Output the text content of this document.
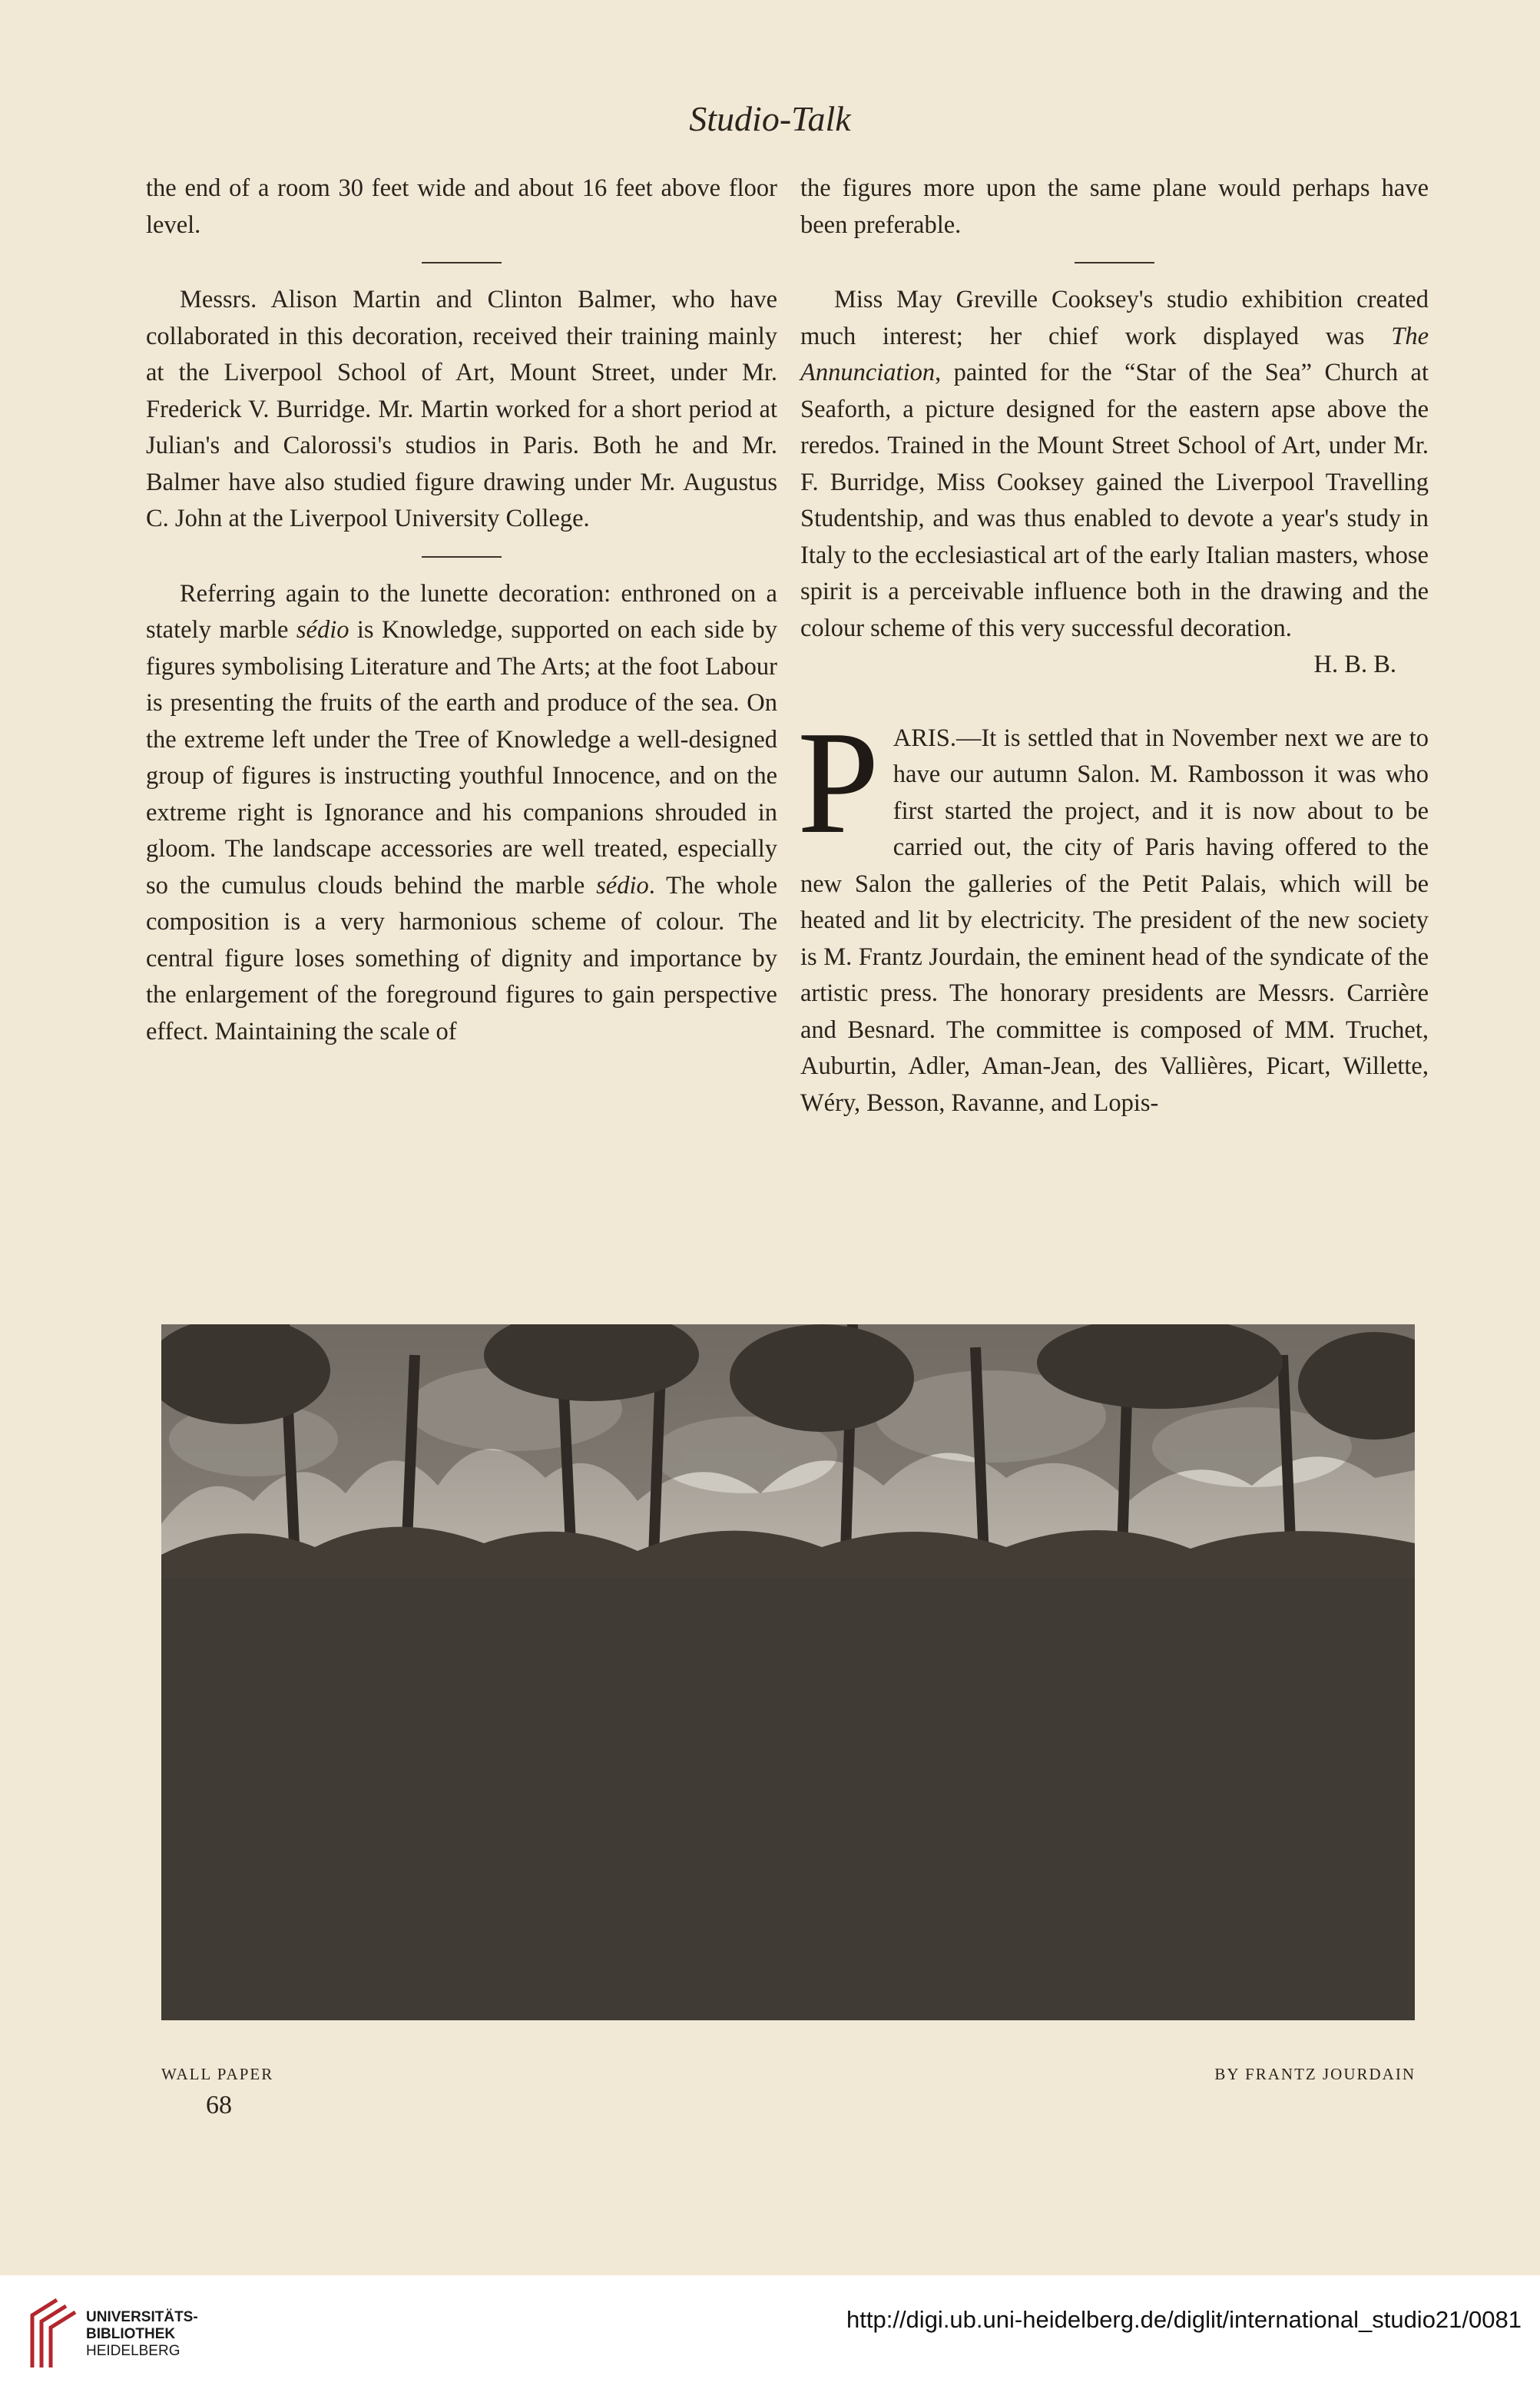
Studio-Talk

the end of a room 30 feet wide and about 16 feet above floor level.

Messrs. Alison Martin and Clinton Balmer, who have collaborated in this decoration, received their training mainly at the Liverpool School of Art, Mount Street, under Mr. Frederick V. Burridge. Mr. Martin worked for a short period at Julian's and Calorossi's studios in Paris. Both he and Mr. Balmer have also studied figure drawing under Mr. Augustus C. John at the Liverpool University College.

Referring again to the lunette decoration: enthroned on a stately marble sédio is Knowledge, supported on each side by figures symbolising Literature and The Arts; at the foot Labour is presenting the fruits of the earth and produce of the sea. On the extreme left under the Tree of Knowledge a well-designed group of figures is instructing youthful Innocence, and on the extreme right is Ignorance and his companions shrouded in gloom. The landscape accessories are well treated, especially so the cumulus clouds behind the marble sédio. The whole composition is a very harmonious scheme of colour. The central figure loses something of dignity and importance by the enlargement of the foreground figures to gain perspective effect. Maintaining the scale of

the figures more upon the same plane would perhaps have been preferable.

Miss May Greville Cooksey's studio exhibition created much interest; her chief work displayed was The Annunciation, painted for the “Star of the Sea” Church at Seaforth, a picture designed for the eastern apse above the reredos. Trained in the Mount Street School of Art, under Mr. F. Burridge, Miss Cooksey gained the Liverpool Travelling Studentship, and was thus enabled to devote a year's study in Italy to the ecclesiastical art of the early Italian masters, whose spirit is a perceivable influence both in the drawing and the colour scheme of this very successful decoration.

H. B. B.

PARIS.—It is settled that in November next we are to have our autumn Salon. M. Rambosson it was who first started the project, and it is now about to be carried out, the city of Paris having offered to the new Salon the galleries of the Petit Palais, which will be heated and lit by electricity. The president of the new society is M. Frantz Jourdain, the eminent head of the syndicate of the artistic press. The honorary presidents are Messrs. Carrière and Besnard. The committee is composed of MM. Truchet, Auburtin, Adler, Aman-Jean, des Vallières, Picart, Willette, Wéry, Besson, Ravanne, and Lopis-

WALL PAPER	BY FRANTZ JOURDAIN
68
UNIVERSITÄTS-
BIBLIOTHEK
HEIDELBERG
http://digi.ub.uni-heidelberg.de/diglit/international_studio21/0081
